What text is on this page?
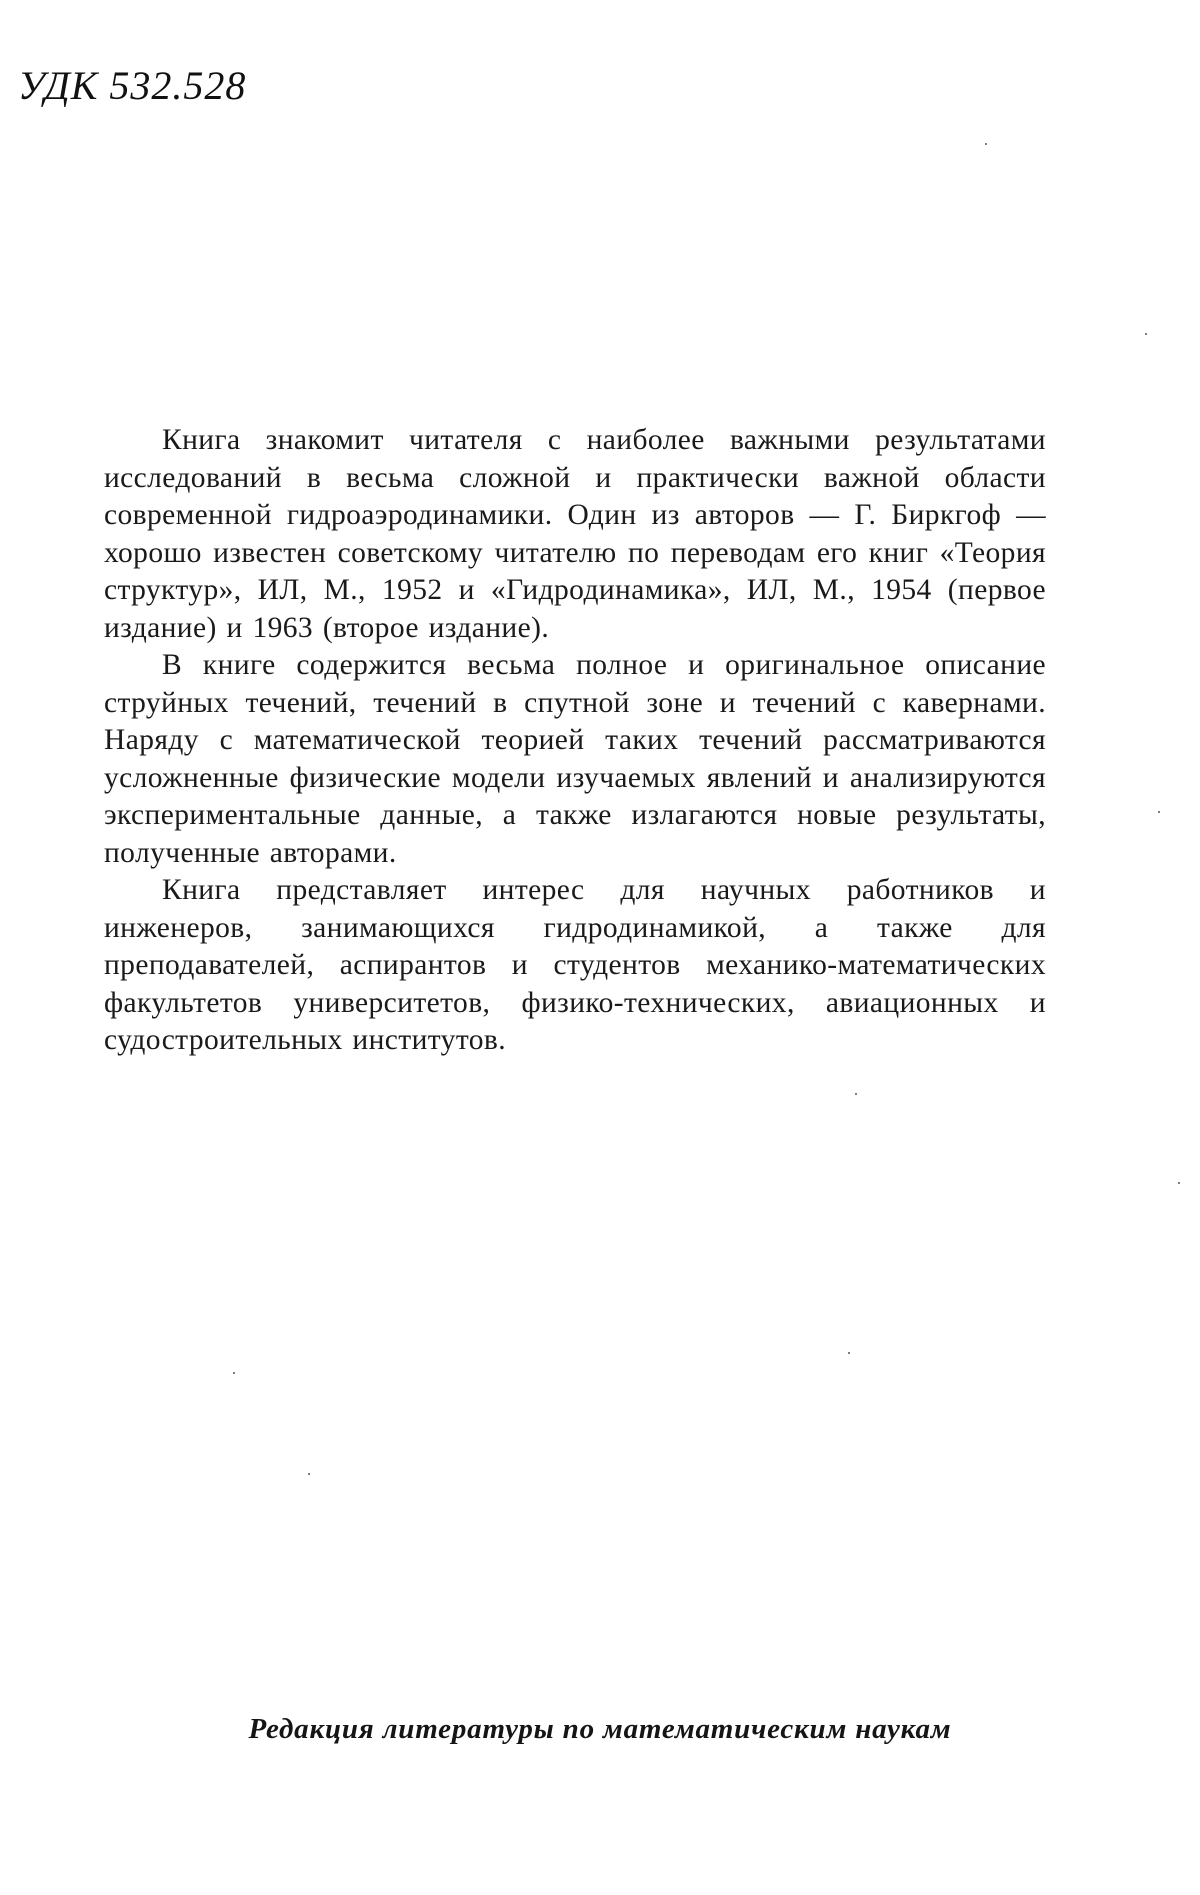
УДК 532.528

Книга знакомит читателя с наиболее важными результатами исследований в весьма сложной и практически важной области современной гидроаэродинамики. Один из авторов — Г. Биркгоф — хорошо известен советскому читателю по переводам его книг «Теория структур», ИЛ, М., 1952 и «Гидродинамика», ИЛ, М., 1954 (первое издание) и 1963 (второе издание).

В книге содержится весьма полное и оригинальное описание струйных течений, течений в спутной зоне и течений с кавернами. Наряду с математической теорией таких течений рассматриваются усложненные физические модели изучаемых явлений и анализируются экспериментальные данные, а также излагаются новые результаты, полученные авторами.

Книга представляет интерес для научных работников и инженеров, занимающихся гидродинамикой, а также для преподавателей, аспирантов и студентов механико-математических факультетов университетов, физико-технических, авиационных и судостроительных институтов.

Редакция литературы по математическим наукам
